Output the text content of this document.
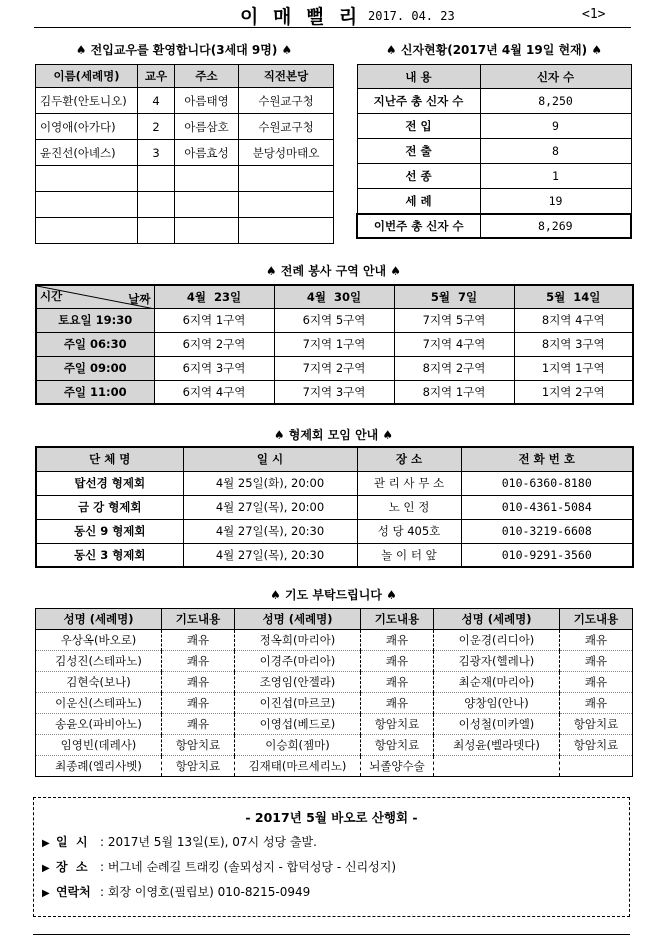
이 매 뻘 리 2017. 04. 23	<1>
♠ 전입교우를 환영합니다(3세대 9명) ♠
이름(세례명)	교우	주소	직전본당
김두환(안토니오)	4	아름태영	수원교구청
이영애(아가다)	2	아름삼호	수원교구청
윤진선(아녜스)	3	아름효성	분당성마태오

♠ 신자현황(2017년 4월 19일 현재) ♠
내 용	신자 수
지난주 총 신자 수	8,250
전 입	9
전 출	8
선 종	1
세 례	19
이번주 총 신자 수	8,269
♠ 전례 봉사 구역 안내 ♠
시간 날짜	4월  23일	4월  30일	5월  7일	5월  14일
토요일 19:30	6지역 1구역	6지역 5구역	7지역 5구역	8지역 4구역
주일 06:30	6지역 2구역	7지역 1구역	7지역 4구역	8지역 3구역
주일 09:00	6지역 3구역	7지역 2구역	8지역 2구역	1지역 1구역
주일 11:00	6지역 4구역	7지역 3구역	8지역 1구역	1지역 2구역
♠ 형제회 모임 안내 ♠
단 체 명	일 시	장 소	전 화 번 호
탑선경 형제회	4월 25일(화), 20:00	관 리 사 무 소	010-6360-8180
금 강 형제회	4월 27일(목), 20:00	노 인 정	010-4361-5084
동신 9 형제회	4월 27일(목), 20:30	성 당 405호	010-3219-6608
동신 3 형제회	4월 27일(목), 20:30	놀 이 터 앞	010-9291-3560
♠ 기도 부탁드립니다 ♠
성명 (세례명)	기도내용	성명 (세례명)	기도내용	성명 (세례명)	기도내용
우상옥(바오로)	쾌유	정옥희(마리아)	쾌유	이운경(리디아)	쾌유
김성진(스테파노)	쾌유	이경주(마리아)	쾌유	김광자(헬레나)	쾌유
김현숙(보나)	쾌유	조영임(안젤라)	쾌유	최순재(마리아)	쾌유
이운신(스테파노)	쾌유	이진섭(마르코)	쾌유	양창임(안나)	쾌유
송윤오(파비아노)	쾌유	이영섭(베드로)	항암치료	이성철(미카엘)	항암치료
임영빈(데레사)	항암치료	이승희(젬마)	항암치료	최성윤(벨라뎃다)	항암치료
최종례(엘리사벳)	항암치료	김재태(마르세리노)	뇌졸양수술		
- 2017년 5월 바오로 산행회 -
▶ 일  시 : 2017년 5월 13일(토), 07시 성당 출발.
▶ 장  소 : 버그네 순례길 트래킹 (솔뫼성지 - 합덕성당 - 신리성지)
▶ 연락처 : 회장 이영호(필립보) 010-8215-0949
